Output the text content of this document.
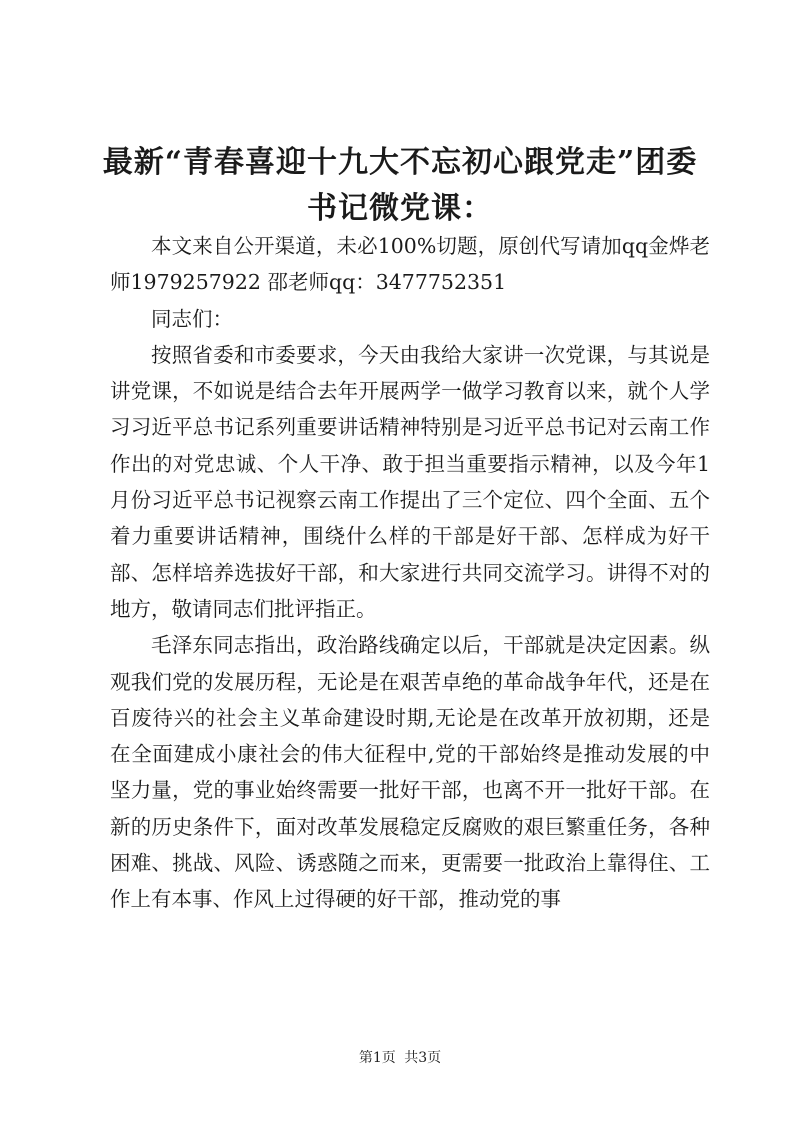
最新“青春喜迎十九大不忘初心跟党走”团委书记微党课：

本文来自公开渠道，未必100%切题，原创代写请加qq金烨老师1979257922 邵老师qq：3477752351

同志们：

按照省委和市委要求，今天由我给大家讲一次党课，与其说是讲党课，不如说是结合去年开展两学一做学习教育以来，就个人学习习近平总书记系列重要讲话精神特别是习近平总书记对云南工作作出的对党忠诚、个人干净、敢于担当重要指示精神，以及今年1月份习近平总书记视察云南工作提出了三个定位、四个全面、五个着力重要讲话精神，围绕什么样的干部是好干部、怎样成为好干部、怎样培养选拔好干部，和大家进行共同交流学习。讲得不对的地方，敬请同志们批评指正。

毛泽东同志指出，政治路线确定以后，干部就是决定因素。纵观我们党的发展历程，无论是在艰苦卓绝的革命战争年代，还是在百废待兴的社会主义革命建设时期,无论是在改革开放初期，还是在全面建成小康社会的伟大征程中,党的干部始终是推动发展的中坚力量，党的事业始终需要一批好干部，也离不开一批好干部。在新的历史条件下，面对改革发展稳定反腐败的艰巨繁重任务，各种困难、挑战、风险、诱惑随之而来，更需要一批政治上靠得住、工作上有本事、作风上过得硬的好干部，推动党的事

第1页 共3页
